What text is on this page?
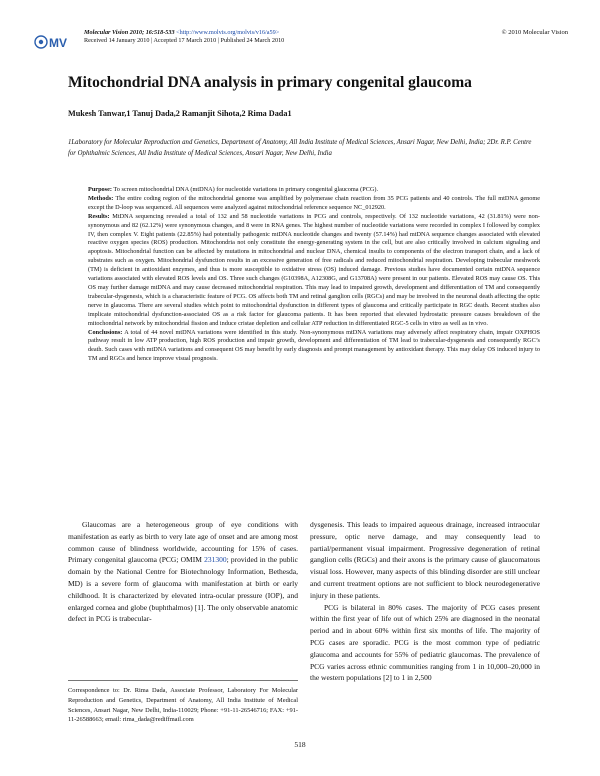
MV
Molecular Vision 2010; 16:518-533 <http://www.molvis.org/molvis/v16/a59>
Received 14 January 2010 | Accepted 17 March 2010 | Published 24 March 2010
© 2010 Molecular Vision
Mitochondrial DNA analysis in primary congenital glaucoma
Mukesh Tanwar,1 Tanuj Dada,2 Ramanjit Sihota,2 Rima Dada1
1Laboratory for Molecular Reproduction and Genetics, Department of Anatomy, All India Institute of Medical Sciences, Ansari Nagar, New Delhi, India; 2Dr. R.P. Centre for Ophthalmic Sciences, All India Institute of Medical Sciences, Ansari Nagar, New Delhi, India

Purpose: To screen mitochondrial DNA (mtDNA) for nucleotide variations in primary congenital glaucoma (PCG).

Methods: The entire coding region of the mitochondrial genome was amplified by polymerase chain reaction from 35 PCG patients and 40 controls. The full mtDNA genome except the D-loop was sequenced. All sequences were analyzed against mitochondrial reference sequence NC_012920.

Results: MtDNA sequencing revealed a total of 132 and 58 nucleotide variations in PCG and controls, respectively. Of 132 nucleotide variations, 42 (31.81%) were non-synonymous and 82 (62.12%) were synonymous changes, and 8 were in RNA genes. The highest number of nucleotide variations were recorded in complex I followed by complex IV, then complex V. Eight patients (22.85%) had potentially pathogenic mtDNA nucleotide changes and twenty (57.14%) had mtDNA sequence changes associated with elevated reactive oxygen species (ROS) production. Mitochondria not only constitute the energy-generating system in the cell, but are also critically involved in calcium signaling and apoptosis. Mitochondrial function can be affected by mutations in mitochondrial and nuclear DNA, chemical insults to components of the electron transport chain, and a lack of substrates such as oxygen. Mitochondrial dysfunction results in an excessive generation of free radicals and reduced mitochondrial respiration. Developing trabecular meshwork (TM) is deficient in antioxidant enzymes, and thus is more susceptible to oxidative stress (OS) induced damage. Previous studies have documented certain mtDNA sequence variations associated with elevated ROS levels and OS. Three such changes (G10398A, A12308G, and G13708A) were present in our patients. Elevated ROS may cause OS. This OS may further damage mtDNA and may cause decreased mitochondrial respiration. This may lead to impaired growth, development and differentiation of TM and consequently trabecular-dysgenesis, which is a characteristic feature of PCG. OS affects both TM and retinal ganglion cells (RGCs) and may be involved in the neuronal death affecting the optic nerve in glaucoma. There are several studies which point to mitochondrial dysfunction in different types of glaucoma and critically participate in RGC death. Recent studies also implicate mitochondrial dysfunction-associated OS as a risk factor for glaucoma patients. It has been reported that elevated hydrostatic pressure causes breakdown of the mitochondrial network by mitochondrial fission and induce cristae depletion and cellular ATP reduction in differentiated RGC-5 cells in vitro as well as in vivo.

Conclusions: A total of 44 novel mtDNA variations were identified in this study. Non-synonymous mtDNA variations may adversely affect respiratory chain, impair OXPHOS pathway result in low ATP production, high ROS production and impair growth, development and differentiation of TM lead to trabecular-dysgenesis and consequently RGC’s death. Such cases with mtDNA variations and consequent OS may benefit by early diagnosis and prompt management by antioxidant therapy. This may delay OS induced injury to TM and RGCs and hence improve visual prognosis.

Glaucomas are a heterogeneous group of eye conditions with manifestation as early as birth to very late age of onset and are among most common cause of blindness worldwide, accounting for 15% of cases. Primary congenital glaucoma (PCG; OMIM 231300; provided in the public domain by the National Centre for Biotechnology Information, Bethesda, MD) is a severe form of glaucoma with manifestation at birth or early childhood. It is characterized by elevated intra-ocular pressure (IOP), and enlarged cornea and globe (buphthalmos) [1]. The only observable anatomic defect in PCG is trabecular-

dysgenesis. This leads to impaired aqueous drainage, increased intraocular pressure, optic nerve damage, and may consequently lead to partial/permanent visual impairment. Progressive degeneration of retinal ganglion cells (RGCs) and their axons is the primary cause of glaucomatous visual loss. However, many aspects of this blinding disorder are still unclear and current treatment options are not sufficient to block neurodegenerative injury in these patients.

PCG is bilateral in 80% cases. The majority of PCG cases present within the first year of life out of which 25% are diagnosed in the neonatal period and in about 60% within first six months of life. The majority of PCG cases are sporadic. PCG is the most common type of pediatric glaucoma and accounts for 55% of pediatric glaucomas. The prevalence of PCG varies across ethnic communities ranging from 1 in 10,000–20,000 in the western populations [2] to 1 in 2,500

Correspondence to: Dr. Rima Dada, Associate Professor, Laboratory For Molecular Reproduction and Genetics, Department of Anatomy, All India Institute of Medical Sciences, Ansari Nagar, New Delhi, India-110029; Phone: +91-11-26546716; FAX: +91-11-26588663; email: rima_dada@rediffmail.com
518
